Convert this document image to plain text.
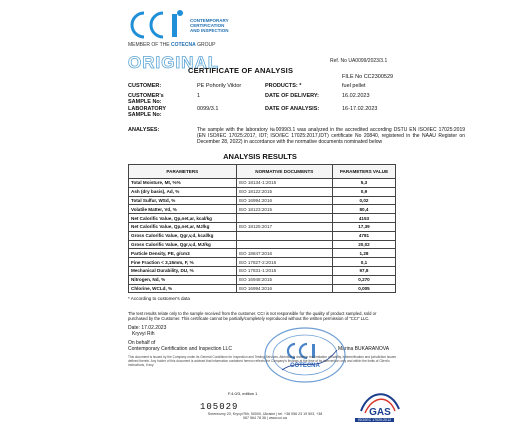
CONTEMPORARY
CERTIFICATION
AND INSPECTION
MEMBER OF THE COTECNA GROUP
ORIGINAL	Ref. No UA0099/2023/3.1
CERTIFICATE OF ANALYSIS
FILE No CC2300529
CUSTOMER:	PE Pohorily Viktor	PRODUCTS: *	fuel pellet
CUSTOMER's	1	DATE OF DELIVERY:	16.02.2023
SAMPLE No:
LABORATORY	0099/3.1	DATE OF ANALYSIS:	16-17.02.2023
SAMPLE No:
ANALYSES:	The sample with the laboratory №0099/3.1 was analyzed in the accredited according DSTU EN ISO/IEC 17025:2019 (EN ISO/IEC 17025:2017, IDT; ISO/IEC 17025:2017,IDT) certificate No 20840, registered in the NAAU Register on December 28, 2022) in accordance with the normative documents nominated below
ANALYSIS RESULTS
PARAMETERS	NORMATIVE DOCUMENTS	PARAMETERS VALUE
Total Moisture, Mt, %%	ISO 18134-1:2015	5,3
Ash (dry basis), Ad, %	ISO 18122:2015	0,9
Total Sulfur, WSd, %	ISO 16994:2016	0,02
Volatile Matter, Vd, %	ISO 18123:2015	80,4
Net Calorific Value, Qp,net,ar, kcal/kg		4153
Net Calorific Value, Qp,net,ar, MJ/kg	ISO 18125:2017	17,39
Gross Calorific Value, Qgr,v,d, kcal/kg		4781
Gross Calorific Value, Qgr,v,d, MJ/kg		20,02
Particle Density, PE, g/cm3	ISO 18847:2016	1,28
Fine Fraction < 3,15mm, F, %	ISO 17827-2:2016	0,1
Mechanical Durability, DU, %	ISO 17831-1:2015	97,8
Nitrogen, Nd, %	ISO 16948:2015	0,270
Chlorine, WCLd, %	ISO 16994:2016	0,005
* According to customer's data
The test results relate only to the sample received from the customer. CCI is not responsible for the quality of product sampled, sold or purchased by the Customer. This certificate cannot be partially/completely reproduced without the written permission of "CCI" LLC.
Date: 17.02.2023
Kryvyi Rih
On behalf of
Contemporary Certification and Inspection LLC	Marina BUKARANOVA
COTECNA
This document is issued by the Company under its General Conditions for Inspection and Testing Services. Attention is drawn to the limitation of liability, indemnification and jurisdiction issues defined therein. Any holder of this document is advised that information contained hereon reflects the Company's findings at the time of its intervention only and within the limits of Client's instructions, if any.
F.4.0/3, edition 1
105029
Smereczny 20, Kryvyi Rih, 50000, Ukraine | tel. +38 056 23 19 503, +38 067 564 78 36 | www.cci.ua
GAS
ISO/IEC 17020:2012
